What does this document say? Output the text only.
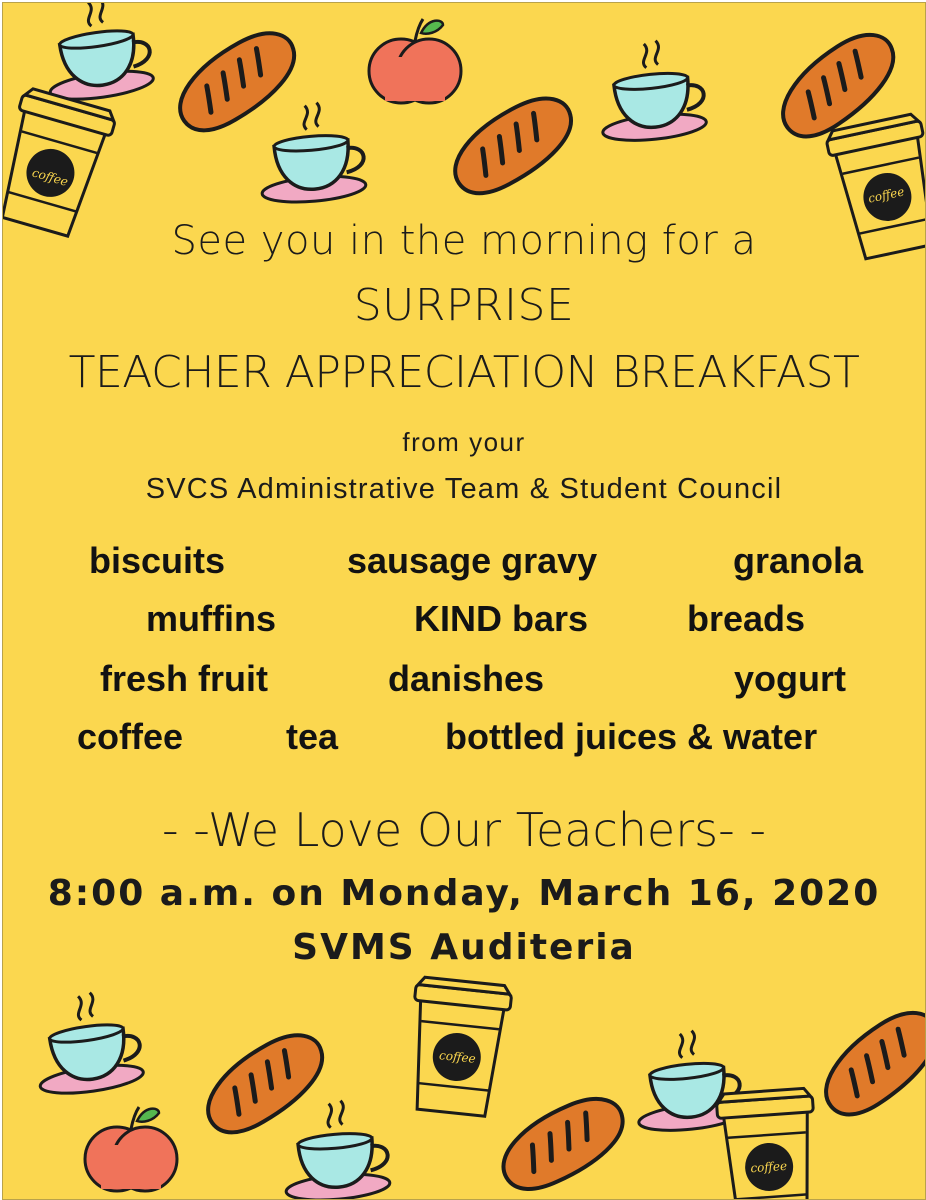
coffee
coffee
coffee
coffee

See you in the morning for a

SURPRISE

TEACHER APPRECIATION BREAKFAST

from your

SVCS Administrative Team & Student Council

biscuits	sausage gravy	granola
muffins	KIND bars	breads
fresh fruit	danishes	yogurt
coffee	tea	bottled juices & water

- -We Love Our Teachers- -

8:00 a.m. on Monday, March 16, 2020

SVMS Auditeria
